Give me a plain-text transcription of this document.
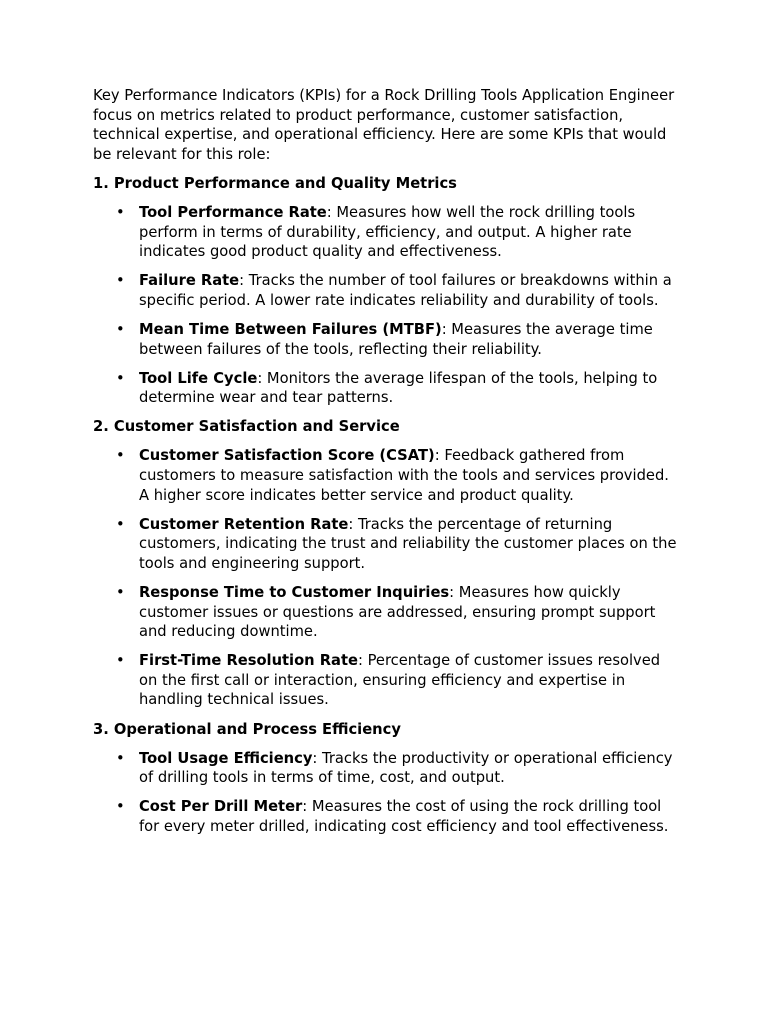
Key Performance Indicators (KPIs) for a Rock Drilling Tools Application Engineer focus on metrics related to product performance, customer satisfaction, technical expertise, and operational efficiency. Here are some KPIs that would be relevant for this role:

1. Product Performance and Quality Metrics

• Tool Performance Rate: Measures how well the rock drilling tools perform in terms of durability, efficiency, and output. A higher rate indicates good product quality and effectiveness.
• Failure Rate: Tracks the number of tool failures or breakdowns within a specific period. A lower rate indicates reliability and durability of tools.
• Mean Time Between Failures (MTBF): Measures the average time between failures of the tools, reflecting their reliability.
• Tool Life Cycle: Monitors the average lifespan of the tools, helping to determine wear and tear patterns.

2. Customer Satisfaction and Service

• Customer Satisfaction Score (CSAT): Feedback gathered from customers to measure satisfaction with the tools and services provided. A higher score indicates better service and product quality.
• Customer Retention Rate: Tracks the percentage of returning customers, indicating the trust and reliability the customer places on the tools and engineering support.
• Response Time to Customer Inquiries: Measures how quickly customer issues or questions are addressed, ensuring prompt support and reducing downtime.
• First-Time Resolution Rate: Percentage of customer issues resolved on the first call or interaction, ensuring efficiency and expertise in handling technical issues.

3. Operational and Process Efficiency

• Tool Usage Efficiency: Tracks the productivity or operational efficiency of drilling tools in terms of time, cost, and output.
• Cost Per Drill Meter: Measures the cost of using the rock drilling tool for every meter drilled, indicating cost efficiency and tool effectiveness.
